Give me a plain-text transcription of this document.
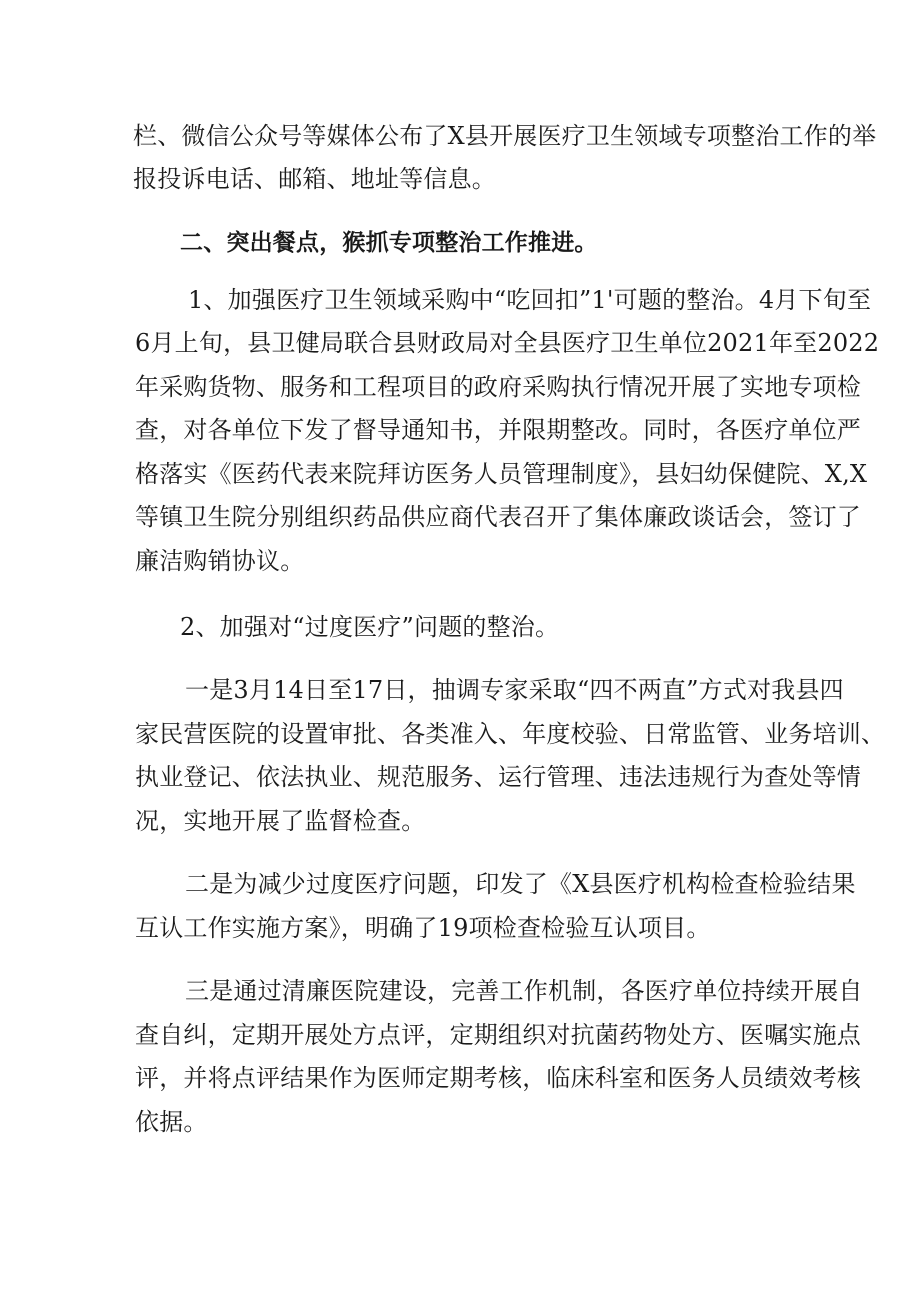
栏、微信公众号等媒体公布了X县开展医疗卫生领域专项整治工作的举
报投诉电话、邮箱、地址等信息。
二、突出餐点，猴抓专项整治工作推进。
1、加强医疗卫生领域采购中“吃回扣”1'可题的整治。4月下旬至
6月上旬，县卫健局联合县财政局对全县医疗卫生单位2021年至2022
年采购货物、服务和工程项目的政府采购执行情况开展了实地专项检
查，对各单位下发了督导通知书，并限期整改。同时，各医疗单位严
格落实《医药代表来院拜访医务人员管理制度》，县妇幼保健院、X,X
等镇卫生院分别组织药品供应商代表召开了集体廉政谈话会，签订了
廉洁购销协议。
2、加强对“过度医疗”问题的整治。
一是3月14日至17日，抽调专家采取“四不两直”方式对我县四
家民营医院的设置审批、各类准入、年度校验、日常监管、业务培训、
执业登记、依法执业、规范服务、运行管理、违法违规行为查处等情
况，实地开展了监督检查。
二是为减少过度医疗问题，印发了《X县医疗机构检查检验结果
互认工作实施方案》，明确了19项检查检验互认项目。
三是通过清廉医院建设，完善工作机制，各医疗单位持续开展自
查自纠，定期开展处方点评，定期组织对抗菌药物处方、医嘱实施点
评，并将点评结果作为医师定期考核，临床科室和医务人员绩效考核
依据。
